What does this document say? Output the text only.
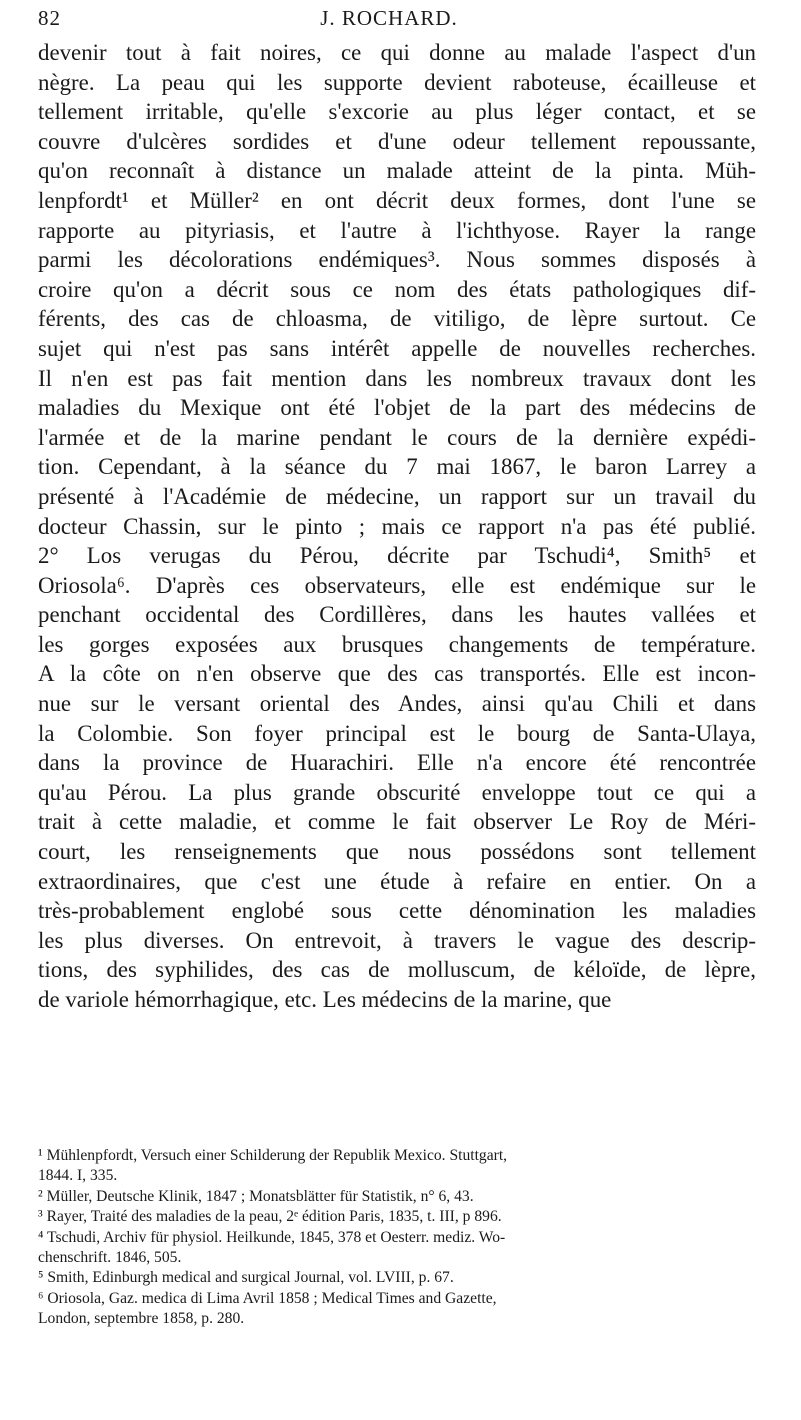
82	J. ROCHARD.
devenir tout à fait noires, ce qui donne au malade l'aspect d'un
nègre. La peau qui les supporte devient raboteuse, écailleuse et
tellement irritable, qu'elle s'excorie au plus léger contact, et se
couvre d'ulcères sordides et d'une odeur tellement repoussante,
qu'on reconnaît à distance un malade atteint de la pinta. Müh-
lenpfordt¹ et Müller² en ont décrit deux formes, dont l'une se
rapporte au pityriasis, et l'autre à l'ichthyose. Rayer la range
parmi les décolorations endémiques³. Nous sommes disposés à
croire qu'on a décrit sous ce nom des états pathologiques dif-
férents, des cas de chloasma, de vitiligo, de lèpre surtout. Ce
sujet qui n'est pas sans intérêt appelle de nouvelles recherches.
Il n'en est pas fait mention dans les nombreux travaux dont les
maladies du Mexique ont été l'objet de la part des médecins de
l'armée et de la marine pendant le cours de la dernière expédi-
tion. Cependant, à la séance du 7 mai 1867, le baron Larrey a
présenté à l'Académie de médecine, un rapport sur un travail du
docteur Chassin, sur le pinto ; mais ce rapport n'a pas été publié.
2° Los verugas du Pérou, décrite par Tschudi⁴, Smith⁵ et
Oriosola⁶. D'après ces observateurs, elle est endémique sur le
penchant occidental des Cordillères, dans les hautes vallées et
les gorges exposées aux brusques changements de température.
A la côte on n'en observe que des cas transportés. Elle est incon-
nue sur le versant oriental des Andes, ainsi qu'au Chili et dans
la Colombie. Son foyer principal est le bourg de Santa-Ulaya,
dans la province de Huarachiri. Elle n'a encore été rencontrée
qu'au Pérou. La plus grande obscurité enveloppe tout ce qui a
trait à cette maladie, et comme le fait observer Le Roy de Méri-
court, les renseignements que nous possédons sont tellement
extraordinaires, que c'est une étude à refaire en entier. On a
très-probablement englobé sous cette dénomination les maladies
les plus diverses. On entrevoit, à travers le vague des descrip-
tions, des syphilides, des cas de molluscum, de kéloïde, de lèpre,
de variole hémorrhagique, etc. Les médecins de la marine, que
¹ Mühlenpfordt, Versuch einer Schilderung der Republik Mexico. Stuttgart,
1844. I, 335.
² Müller, Deutsche Klinik, 1847 ; Monatsblätter für Statistik, n° 6, 43.
³ Rayer, Traité des maladies de la peau, 2ᵉ édition Paris, 1835, t. III, p 896.
⁴ Tschudi, Archiv für physiol. Heilkunde, 1845, 378 et Oesterr. mediz. Wo-
chenschrift. 1846, 505.
⁵ Smith, Edinburgh medical and surgical Journal, vol. LVIII, p. 67.
⁶ Oriosola, Gaz. medica di Lima Avril 1858 ; Medical Times and Gazette,
London, septembre 1858, p. 280.
